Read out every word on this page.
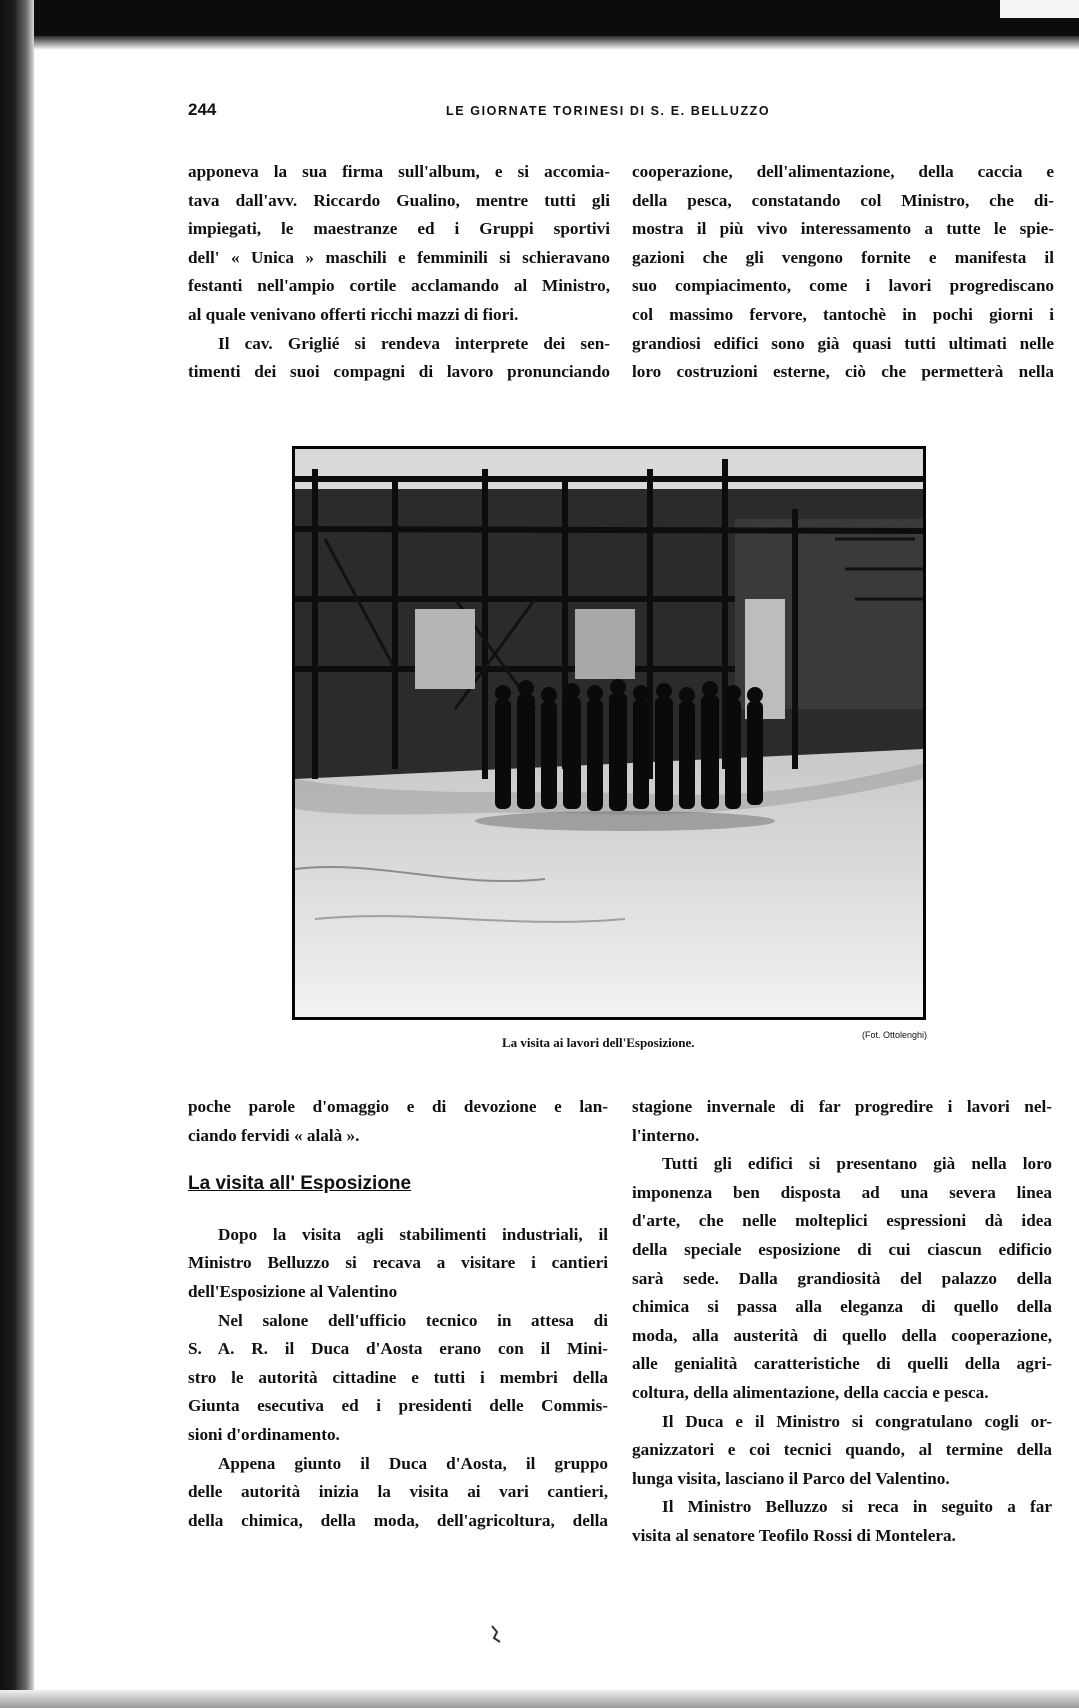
244	LE GIORNATE TORINESI DI S. E. BELLUZZO
apponeva la sua firma sull'album, e si accomia-
tava dall'avv. Riccardo Gualino, mentre tutti gli
impiegati, le maestranze ed i Gruppi sportivi
dell' « Unica » maschili e femminili si schieravano
festanti nell'ampio cortile acclamando al Ministro,
al quale venivano offerti ricchi mazzi di fiori.
Il cav. Griglié si rendeva interprete dei sen-
timenti dei suoi compagni di lavoro pronunciando
cooperazione, dell'alimentazione, della caccia e
della pesca, constatando col Ministro, che di-
mostra il più vivo interessamento a tutte le spie-
gazioni che gli vengono fornite e manifesta il
suo compiacimento, come i lavori progrediscano
col massimo fervore, tantochè in pochi giorni i
grandiosi edifici sono già quasi tutti ultimati nelle
loro costruzioni esterne, ciò che permetterà nella
La visita ai lavori dell'Esposizione.	(Fot. Ottolenghi)
poche parole d'omaggio e di devozione e lan-
ciando fervidi « alalà ».
La visita all' Esposizione
Dopo la visita agli stabilimenti industriali, il
Ministro Belluzzo si recava a visitare i cantieri
dell'Esposizione al Valentino
Nel salone dell'ufficio tecnico in attesa di
S. A. R. il Duca d'Aosta erano con il Mini-
stro le autorità cittadine e tutti i membri della
Giunta esecutiva ed i presidenti delle Commis-
sioni d'ordinamento.
Appena giunto il Duca d'Aosta, il gruppo
delle autorità inizia la visita ai vari cantieri,
della chimica, della moda, dell'agricoltura, della
stagione invernale di far progredire i lavori nel-
l'interno.
Tutti gli edifici si presentano già nella loro
imponenza ben disposta ad una severa linea
d'arte, che nelle molteplici espressioni dà idea
della speciale esposizione di cui ciascun edificio
sarà sede. Dalla grandiosità del palazzo della
chimica si passa alla eleganza di quello della
moda, alla austerità di quello della cooperazione,
alle genialità caratteristiche di quelli della agri-
coltura, della alimentazione, della caccia e pesca.
Il Duca e il Ministro si congratulano cogli or-
ganizzatori e coi tecnici quando, al termine della
lunga visita, lasciano il Parco del Valentino.
Il Ministro Belluzzo si reca in seguito a far
visita al senatore Teofilo Rossi di Montelera.
